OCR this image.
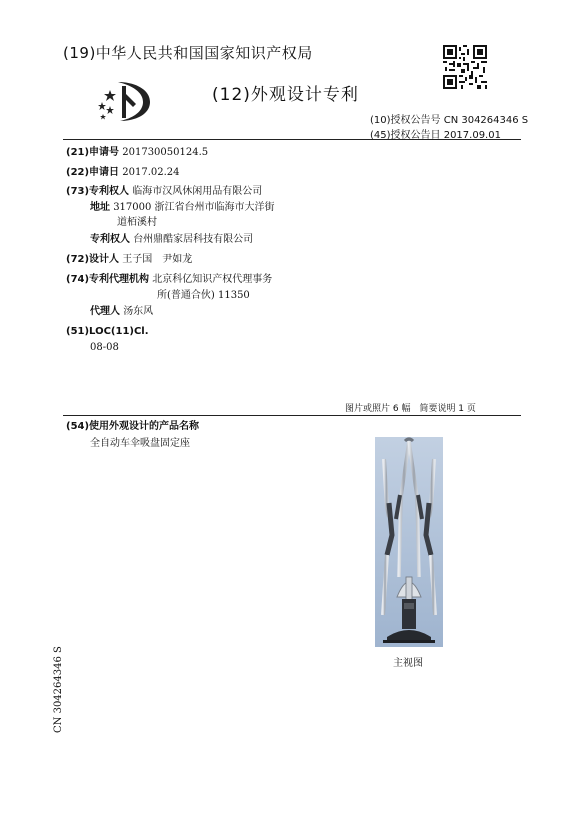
(19)中华人民共和国国家知识产权局
(12)外观设计专利
(10)授权公告号 CN 304264346 S
(45)授权公告日 2017.09.01
(21)申请号 201730050124.5
(22)申请日 2017.02.24
(73)专利权人 临海市汉风休闲用品有限公司
地址 317000 浙江省台州市临海市大洋街
道栢溪村
专利权人 台州鼎酷家居科技有限公司
(72)设计人 王子国　尹如龙
(74)专利代理机构 北京科亿知识产权代理事务
所(普通合伙) 11350
代理人 汤东风
(51)LOC(11)Cl.
08-08
图片或照片 6 幅　简要说明 1 页
(54)使用外观设计的产品名称
全自动车伞吸盘固定座
主视图
CN 304264346 S
